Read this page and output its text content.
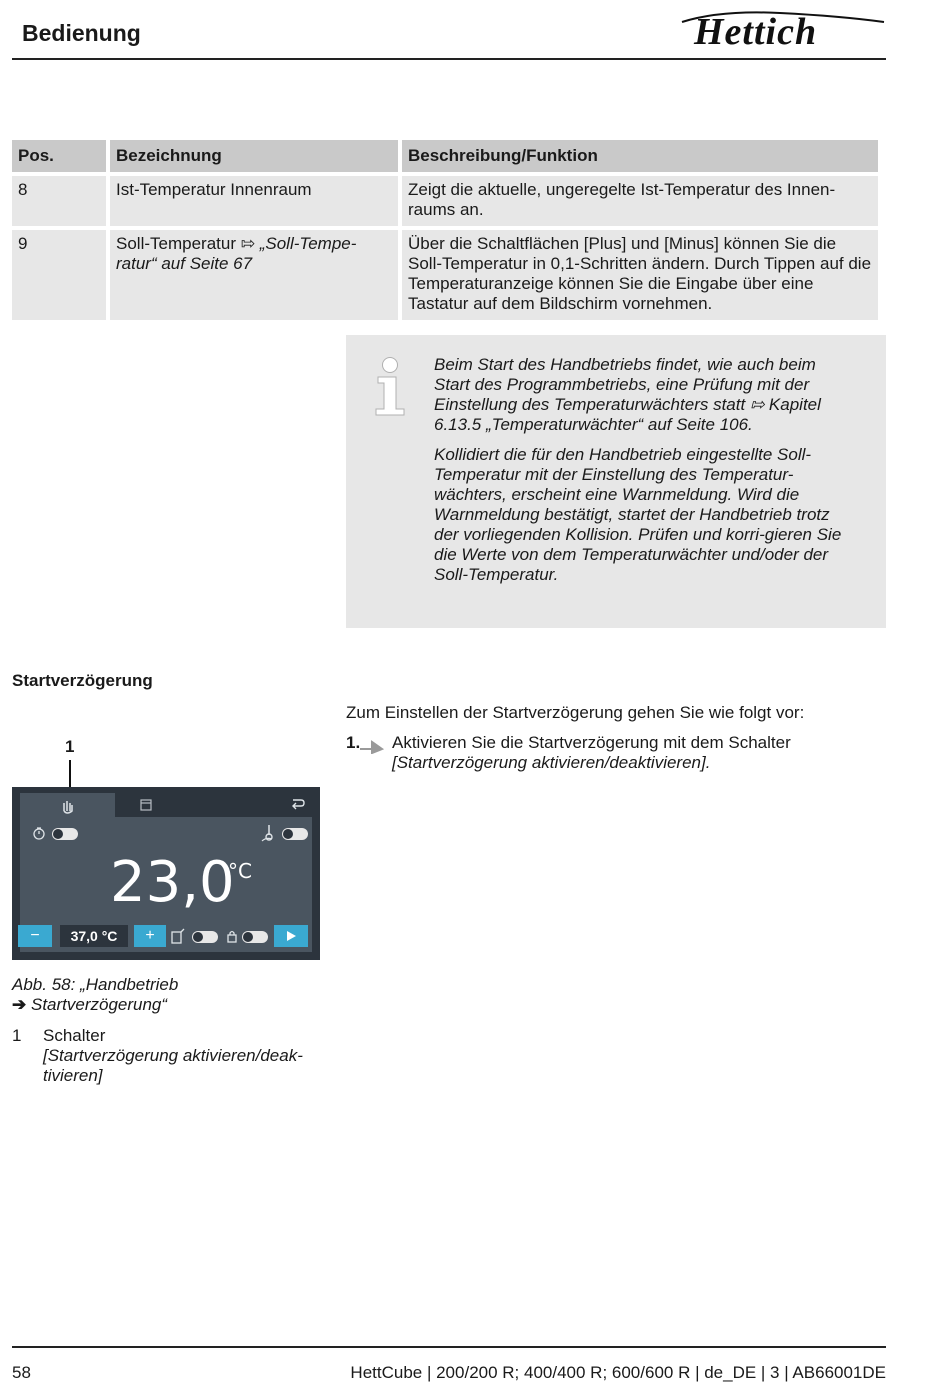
Bedienung	Hettich
Pos.	Bezeichnung	Beschreibung/Funktion
8	Ist-Temperatur Innenraum	Zeigt die aktuelle, ungeregelte Ist-Temperatur des Innen-raums an.
9	Soll-Temperatur ⇰ „Soll-Tempe-ratur“ auf Seite 67	Über die Schaltflächen [Plus] und [Minus] können Sie die Soll-Temperatur in 0,1-Schritten ändern. Durch Tippen auf die Temperaturanzeige können Sie die Eingabe über eine Tastatur auf dem Bildschirm vornehmen.

Beim Start des Handbetriebs findet, wie auch beim Start des Programmbetriebs, eine Prüfung mit der Einstellung des Temperaturwächters statt ⇰ Kapitel 6.13.5 „Temperaturwächter“ auf Seite 106.

Kollidiert die für den Handbetrieb eingestellte Soll-Temperatur mit der Einstellung des Temperatur-wächters, erscheint eine Warnmeldung. Wird die Warnmeldung bestätigt, startet der Handbetrieb trotz der vorliegenden Kollision. Prüfen und korri-gieren Sie die Werte von dem Temperaturwächter und/oder der Soll-Temperatur.

Startverzögerung
Zum Einstellen der Startverzögerung gehen Sie wie folgt vor:
1. Aktivieren Sie die Startverzögerung mit dem Schalter
[Startverzögerung aktivieren/deaktivieren].
1
23,0
°C
−	37,0 °C	+
Abb. 58: „Handbetrieb
➔ Startverzögerung“
1 Schalter
[Startverzögerung aktivieren/deak-tivieren]
58	HettCube | 200/200 R; 400/400 R; 600/600 R | de_DE | 3 | AB66001DE
